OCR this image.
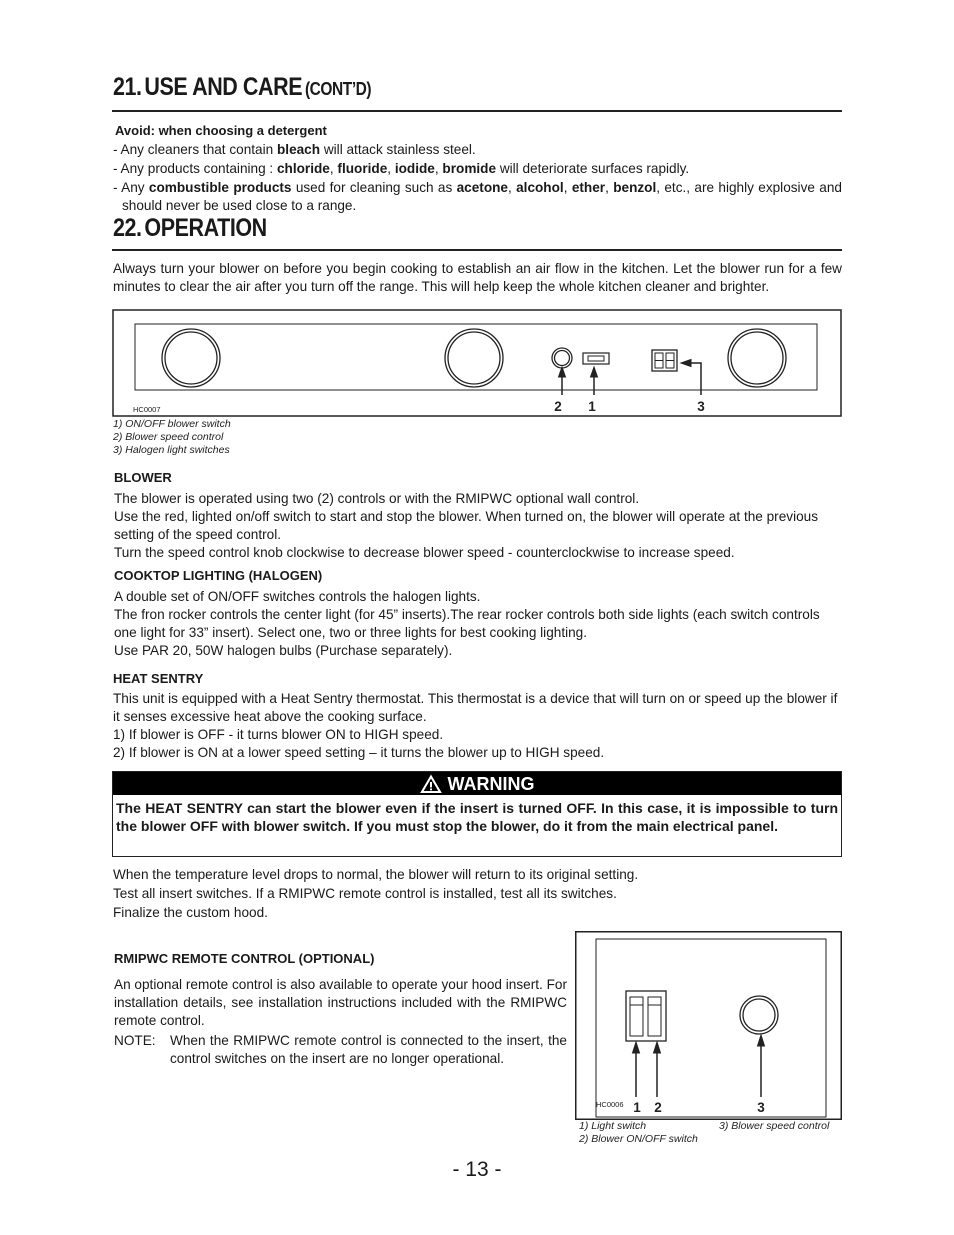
21. USE AND CARE (CONT’D)
Avoid: when choosing a detergent
- Any cleaners that contain bleach will attack stainless steel.
- Any products containing : chloride, fluoride, iodide, bromide will deteriorate surfaces rapidly.
- Any combustible products used for cleaning such as acetone, alcohol, ether, benzol, etc., are highly explosive and should never be used close to a range.
22. OPERATION
Always turn your blower on before you begin cooking to establish an air flow in the kitchen. Let the blower run for a few minutes to clear the air after you turn off the range. This will help keep the whole kitchen cleaner and brighter.
HC0007	2 1	3
1) ON/OFF blower switch
2) Blower speed control
3) Halogen light switches
BLOWER

The blower is operated using two (2) controls or with the RMIPWC optional wall control.

Use the red, lighted on/off switch to start and stop the blower. When turned on, the blower will operate at the previous setting of the speed control.

Turn the speed control knob clockwise to decrease blower speed - counterclockwise to increase speed.

COOKTOP LIGHTING (HALOGEN)

A double set of ON/OFF switches controls the halogen lights.

The fron rocker controls the center light (for 45” inserts).The rear rocker controls both side lights (each switch controls one light for 33” insert). Select one, two or three lights for best cooking lighting.

Use PAR 20, 50W halogen bulbs (Purchase separately).

HEAT SENTRY

This unit is equipped with a Heat Sentry thermostat. This thermostat is a device that will turn on or speed up the blower if it senses excessive heat above the cooking surface.

1) If blower is OFF - it turns blower ON to HIGH speed.

2) If blower is ON at a lower speed setting – it turns the blower up to HIGH speed.

WARNING
The HEAT SENTRY can start the blower even if the insert is turned OFF. In this case, it is impossible to turn the blower OFF with blower switch. If you must stop the blower, do it from the main electrical panel.

When the temperature level drops to normal, the blower will return to its original setting.

Test all insert switches. If a RMIPWC remote control is installed, test all its switches.

Finalize the custom hood.

RMIPWC REMOTE CONTROL (OPTIONAL)
An optional remote control is also available to operate your hood insert. For installation details, see installation instructions included with the RMIPWC remote control.
NOTE:	When the RMIPWC remote control is connected to the insert, the control switches on the insert are no longer operational.
HC0006 1 2	3
1) Light switch
2) Blower ON/OFF switch
3) Blower speed control
- 13 -
